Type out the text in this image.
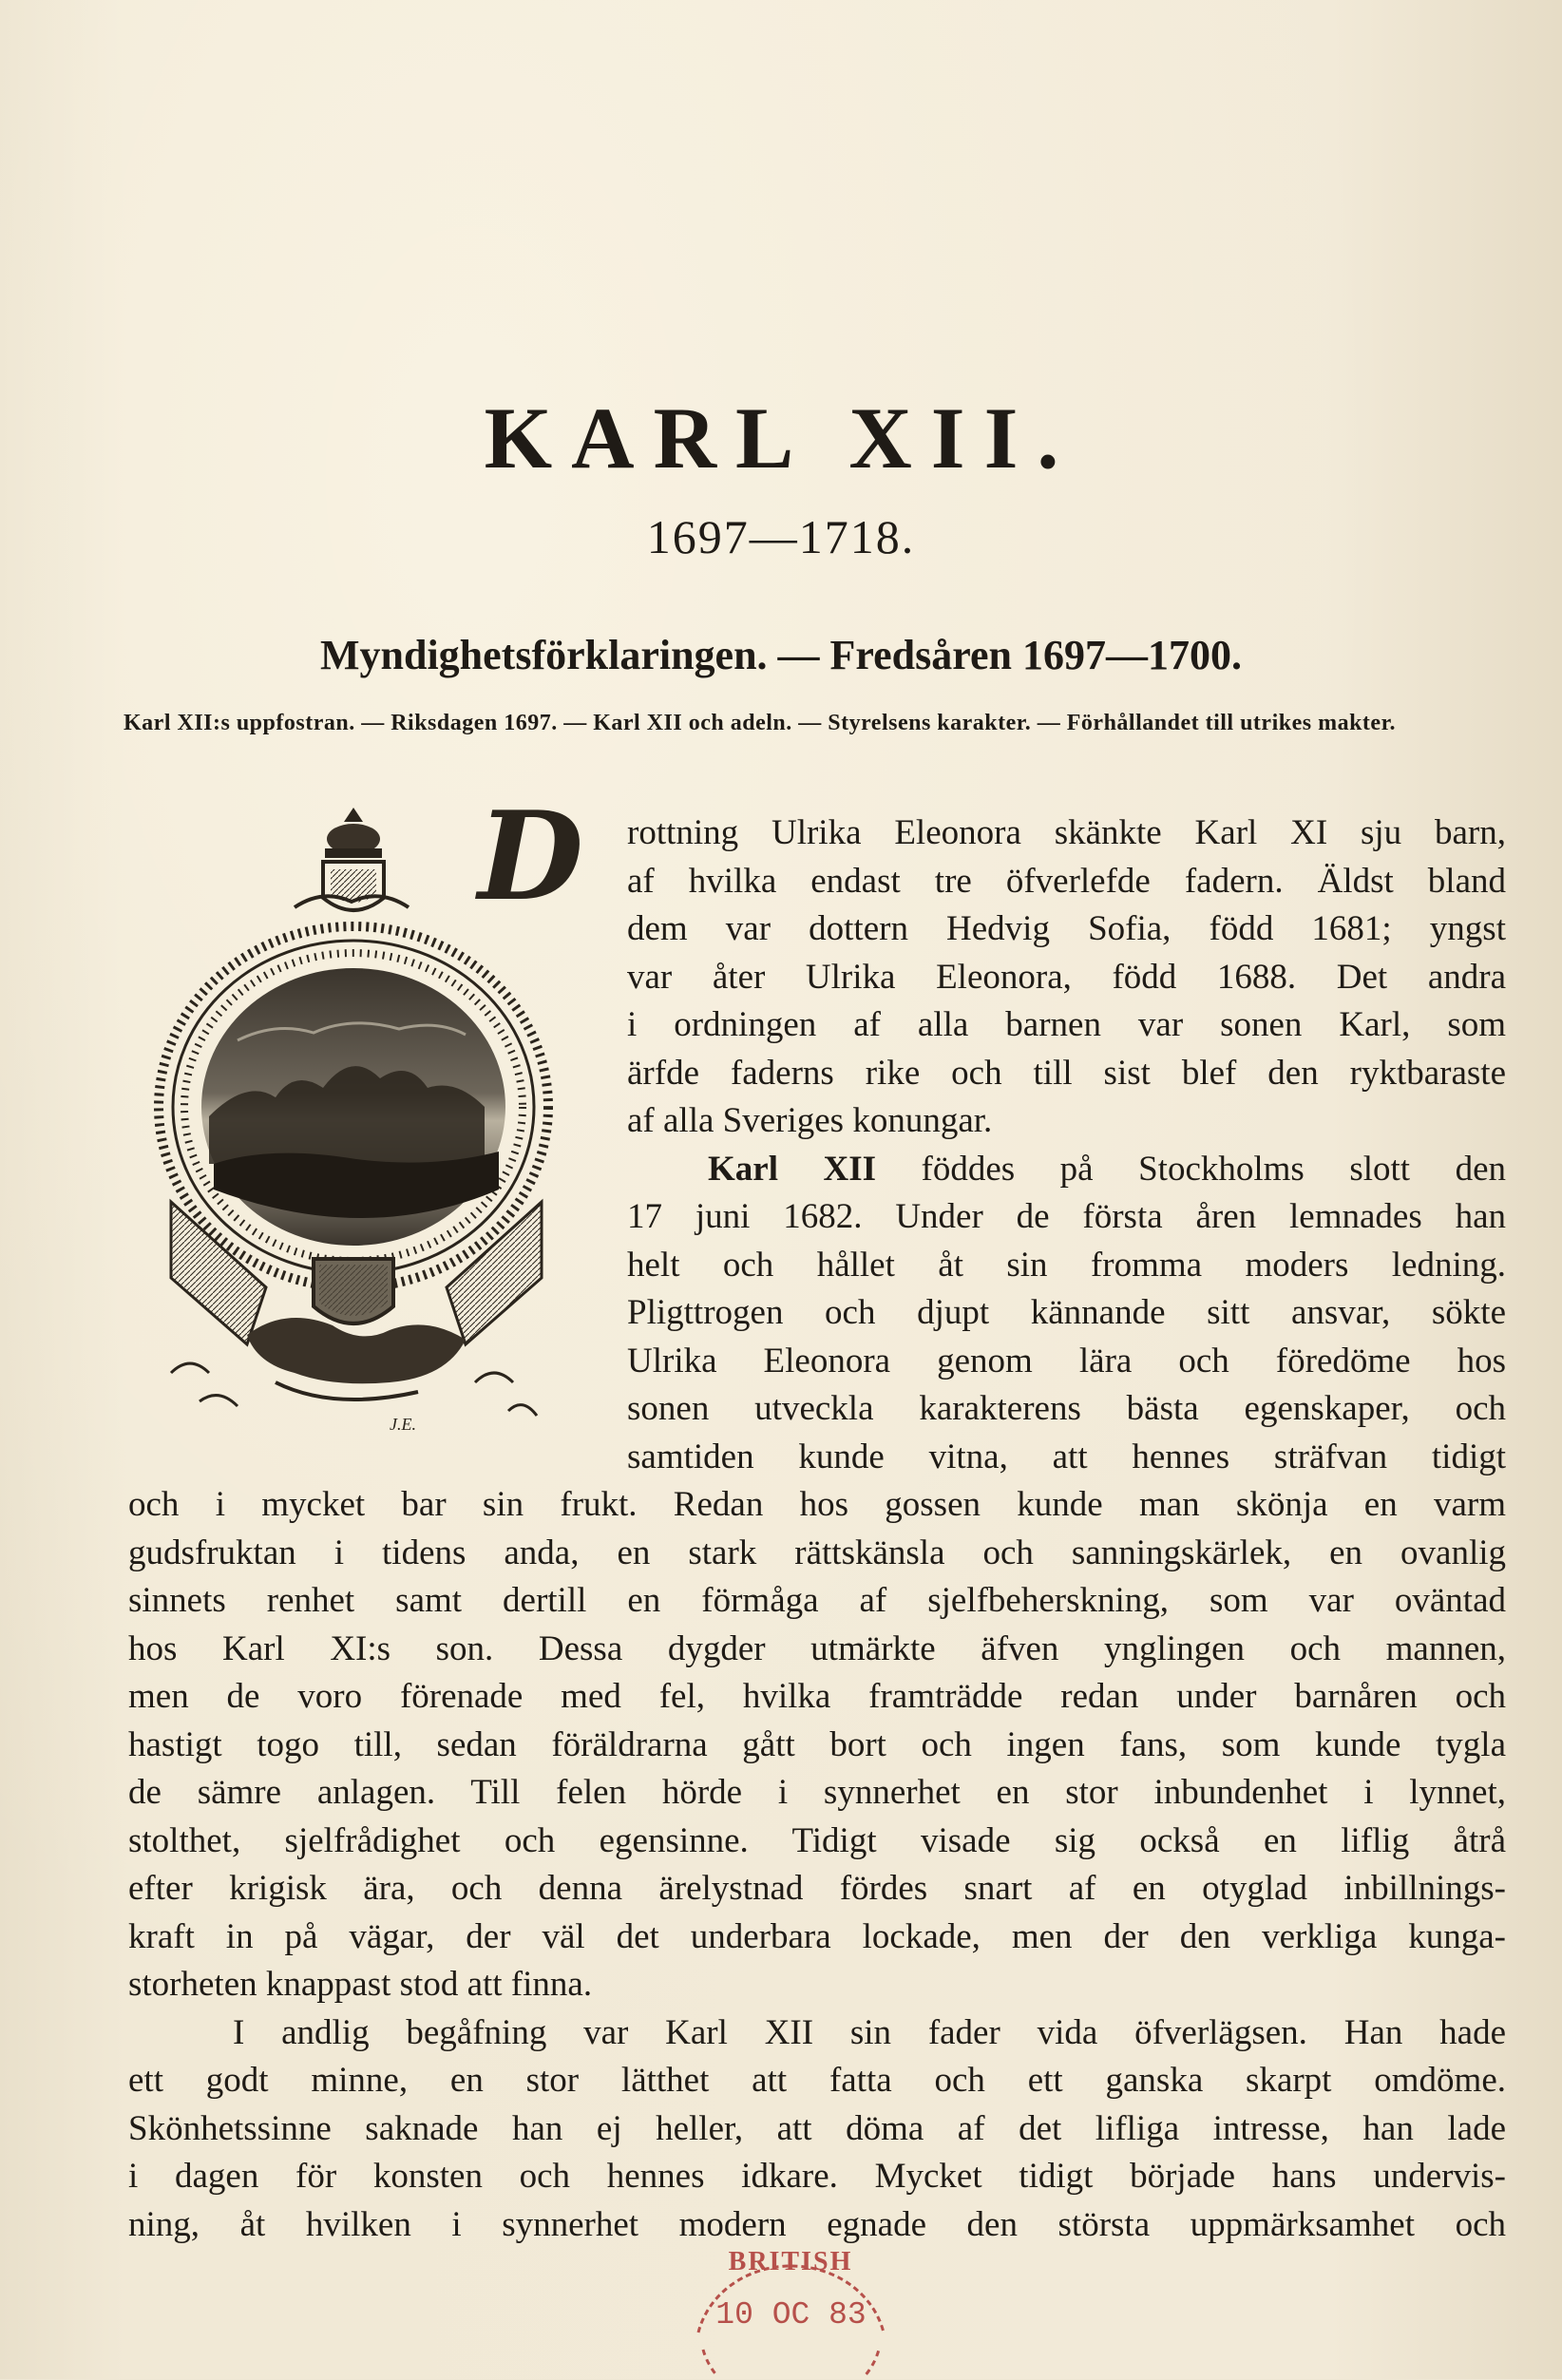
KARL XII.
1697—1718.
Myndighetsförklaringen. — Fredsåren 1697—1700.
Karl XII:s uppfostran. — Riksdagen 1697. — Karl XII och adeln. — Styrelsens karakter. — Förhållandet till utrikes makter.
J.E.
D rottning Ulrika Eleonora skänkte Karl XI sju barn,
af hvilka endast tre öfverlefde fadern. Äldst bland
dem var dottern Hedvig Sofia, född 1681; yngst
var åter Ulrika Eleonora, född 1688. Det andra
i ordningen af alla barnen var sonen Karl, som
ärfde faderns rike och till sist blef den ryktbaraste
af alla Sveriges konungar.
Karl XII föddes på Stockholms slott den
17 juni 1682. Under de första åren lemnades han
helt och hållet åt sin fromma moders ledning.
Pligttrogen och djupt kännande sitt ansvar, sökte
Ulrika Eleonora genom lära och föredöme hos
sonen utveckla karakterens bästa egenskaper, och
samtiden kunde vitna, att hennes sträfvan tidigt
och i mycket bar sin frukt. Redan hos gossen kunde man skönja en varm
gudsfruktan i tidens anda, en stark rättskänsla och sanningskärlek, en ovanlig
sinnets renhet samt dertill en förmåga af sjelfbeherskning, som var oväntad
hos Karl XI:s son. Dessa dygder utmärkte äfven ynglingen och mannen,
men de voro förenade med fel, hvilka framträdde redan under barnåren och
hastigt togo till, sedan föräldrarna gått bort och ingen fans, som kunde tygla
de sämre anlagen. Till felen hörde i synnerhet en stor inbundenhet i lynnet,
stolthet, sjelfrådighet och egensinne. Tidigt visade sig också en liflig åtrå
efter krigisk ära, och denna ärelystnad fördes snart af en otyglad inbillnings-
kraft in på vägar, der väl det underbara lockade, men der den verkliga kunga-
storheten knappast stod att finna.
I andlig begåfning var Karl XII sin fader vida öfverlägsen. Han hade
ett godt minne, en stor lätthet att fatta och ett ganska skarpt omdöme.
Skönhetssinne saknade han ej heller, att döma af det lifliga intresse, han lade
i dagen för konsten och hennes idkare. Mycket tidigt började hans undervis-
ning, åt hvilken i synnerhet modern egnade den största uppmärksamhet och
BRITISH
10 OC 83
